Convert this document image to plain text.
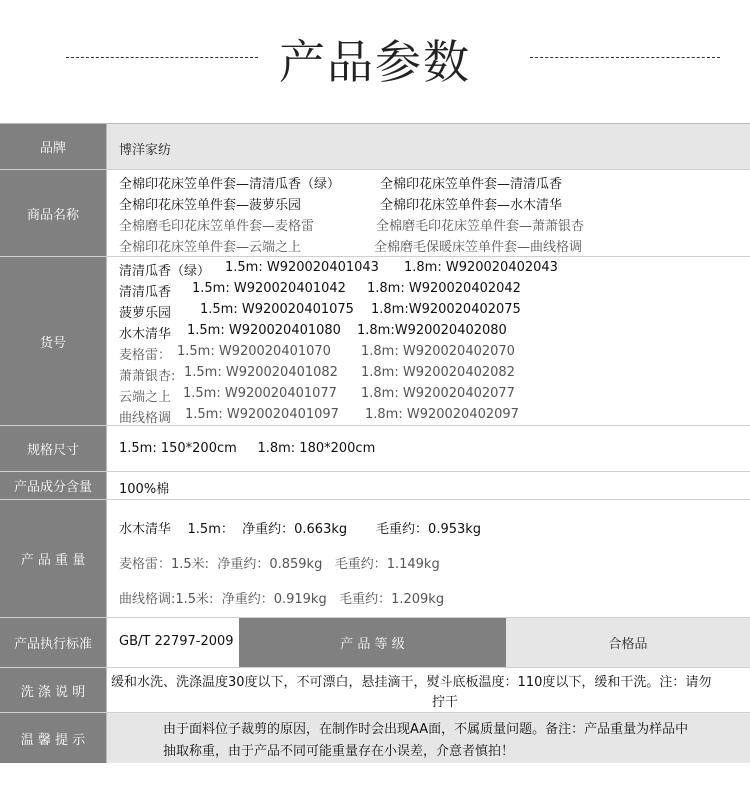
产品参数
品牌	博洋家纺
商品名称
全棉印花床笠单件套—清清瓜香（绿）	全棉印花床笠单件套—清清瓜香
全棉印花床笠单件套—菠萝乐园	全棉印花床笠单件套—水木清华
全棉磨毛印花床笠单件套—麦格雷	全棉磨毛印花床笠单件套—萧萧银杏
全棉印花床笠单件套—云端之上	全棉磨毛保暖床笠单件套—曲线格调
货号
清清瓜香（绿） 1.5m: W920020401043 1.8m: W920020402043
清清瓜香 1.5m: W920020401042 1.8m: W920020402042
菠萝乐园 1.5m: W920020401075 1.8m:W920020402075
水木清华 1.5m: W920020401080 1.8m:W920020402080
麦格雷： 1.5m: W920020401070 1.8m: W920020402070
萧萧银杏: 1.5m: W920020401082 1.8m: W920020402082
云端之上 1.5m: W920020401077 1.8m: W920020402077
曲线格调 1.5m: W920020401097 1.8m: W920020402097
规格尺寸	1.5m: 150*200cm     1.8m: 180*200cm
产品成分含量	100%棉
产 品 重 量
水木清华    1.5m：  净重约：0.663kg       毛重约：0.953kg
麦格雷：1.5米:  净重约：0.859kg   毛重约：1.149kg
曲线格调:1.5米:  净重约：0.919kg   毛重约：1.209kg
产品执行标准	GB/T 22797-2009	产 品 等 级	合格品
洗 涤 说 明
缓和水洗、洗涤温度30度以下，不可漂白，悬挂滴干，熨斗底板温度：110度以下，缓和干洗。注：请勿
拧干
温 馨 提 示
由于面料位子裁剪的原因，在制作时会出现AA面，不属质量问题。备注：产品重量为样品中
抽取称重，由于产品不同可能重量存在小误差，介意者慎拍！
